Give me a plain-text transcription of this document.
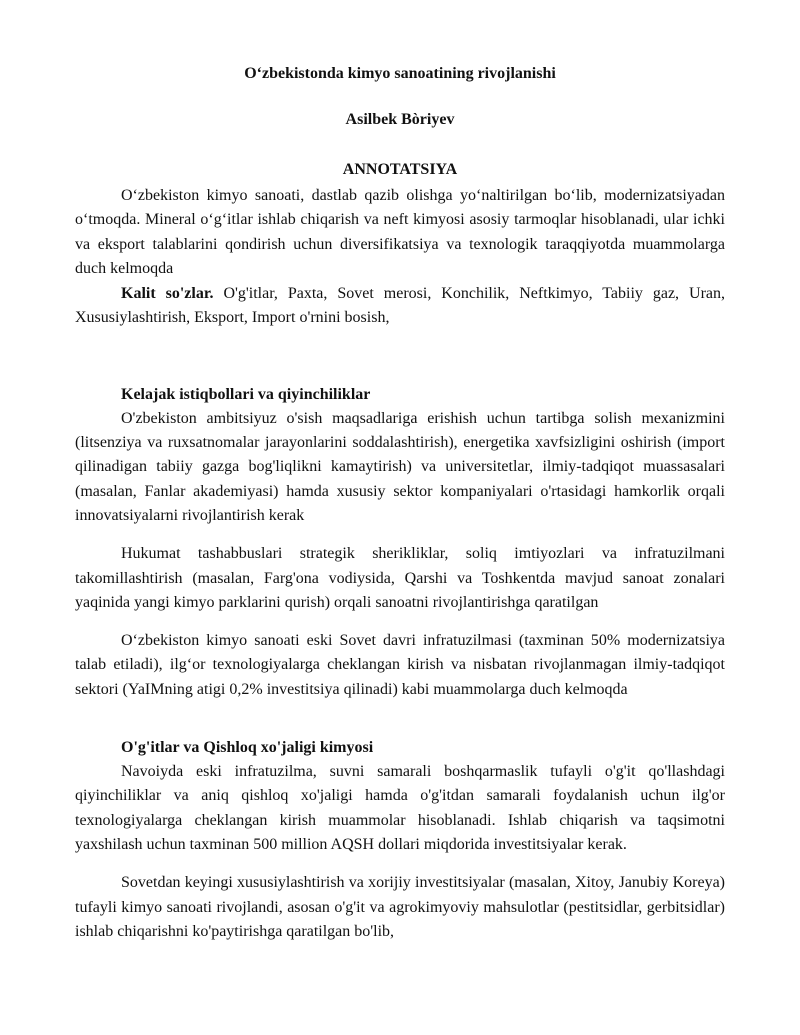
O‘zbekistonda kimyo sanoatining rivojlanishi

Asilbek Bòriyev

ANNOTATSIYA

O‘zbekiston kimyo sanoati, dastlab qazib olishga yo‘naltirilgan bo‘lib, modernizatsiyadan o‘tmoqda. Mineral o‘g‘itlar ishlab chiqarish va neft kimyosi asosiy tarmoqlar hisoblanadi, ular ichki va eksport talablarini qondirish uchun diversifikatsiya va texnologik taraqqiyotda muammolarga duch kelmoqda

Kalit so'zlar. O'g'itlar, Paxta, Sovet merosi, Konchilik, Neftkimyo, Tabiiy gaz, Uran, Xususiylashtirish, Eksport, Import o'rnini bosish,

Kelajak istiqbollari va qiyinchiliklar

O'zbekiston ambitsiyuz o'sish maqsadlariga erishish uchun tartibga solish mexanizmini (litsenziya va ruxsatnomalar jarayonlarini soddalashtirish), energetika xavfsizligini oshirish (import qilinadigan tabiiy gazga bog'liqlikni kamaytirish) va universitetlar, ilmiy-tadqiqot muassasalari (masalan, Fanlar akademiyasi) hamda xususiy sektor kompaniyalari o'rtasidagi hamkorlik orqali innovatsiyalarni rivojlantirish kerak

Hukumat tashabbuslari strategik sherikliklar, soliq imtiyozlari va infratuzilmani takomillashtirish (masalan, Farg'ona vodiysida, Qarshi va Toshkentda mavjud sanoat zonalari yaqinida yangi kimyo parklarini qurish) orqali sanoatni rivojlantirishga qaratilgan

O‘zbekiston kimyo sanoati eski Sovet davri infratuzilmasi (taxminan 50% modernizatsiya talab etiladi), ilg‘or texnologiyalarga cheklangan kirish va nisbatan rivojlanmagan ilmiy-tadqiqot sektori (YaIMning atigi 0,2% investitsiya qilinadi) kabi muammolarga duch kelmoqda

O'g'itlar va Qishloq xo'jaligi kimyosi

Navoiyda eski infratuzilma, suvni samarali boshqarmaslik tufayli o'g'it qo'llashdagi qiyinchiliklar va aniq qishloq xo'jaligi hamda o'g'itdan samarali foydalanish uchun ilg'or texnologiyalarga cheklangan kirish muammolar hisoblanadi. Ishlab chiqarish va taqsimotni yaxshilash uchun taxminan 500 million AQSH dollari miqdorida investitsiyalar kerak.

Sovetdan keyingi xususiylashtirish va xorijiy investitsiyalar (masalan, Xitoy, Janubiy Koreya) tufayli kimyo sanoati rivojlandi, asosan o'g'it va agrokimyoviy mahsulotlar (pestitsidlar, gerbitsidlar) ishlab chiqarishni ko'paytirishga qaratilgan bo'lib,
